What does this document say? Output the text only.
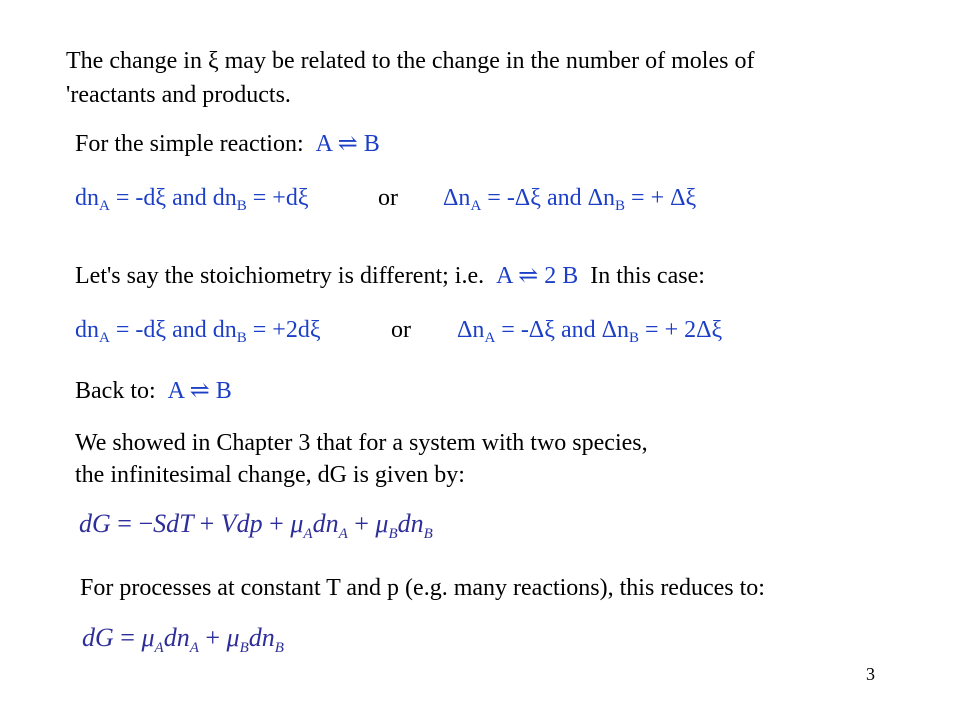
The change in ξ may be related to the change in the number of moles of
'reactants and products.
For the simple reaction: A ⇌ B
$dn_A = -d\xi$ and $dn_B = +d\xi$	or $\Delta n_A = -\Delta\xi$ and $\Delta n_B$ = + Δξ
Let's say the stoichiometry is different; i.e. A ⇌ 2 B In this case:
$dn_A = -d\xi$ and $dn_B = +2d\xi$	or $\Delta n_A = -\Delta\xi$ and $\Delta n_B$ = + 2Δξ
Back to: A ⇌ B
We showed in Chapter 3 that for a system with two species,
the infinitesimal change, dG is given by:
dG = −SdT + Vdp + $\mu_Adn_A + \mu_Bdn_B$
For processes at constant T and p (e.g. many reactions), this reduces to:
dG = $\mu_Adn_A + \mu_Bdn_B$
3
